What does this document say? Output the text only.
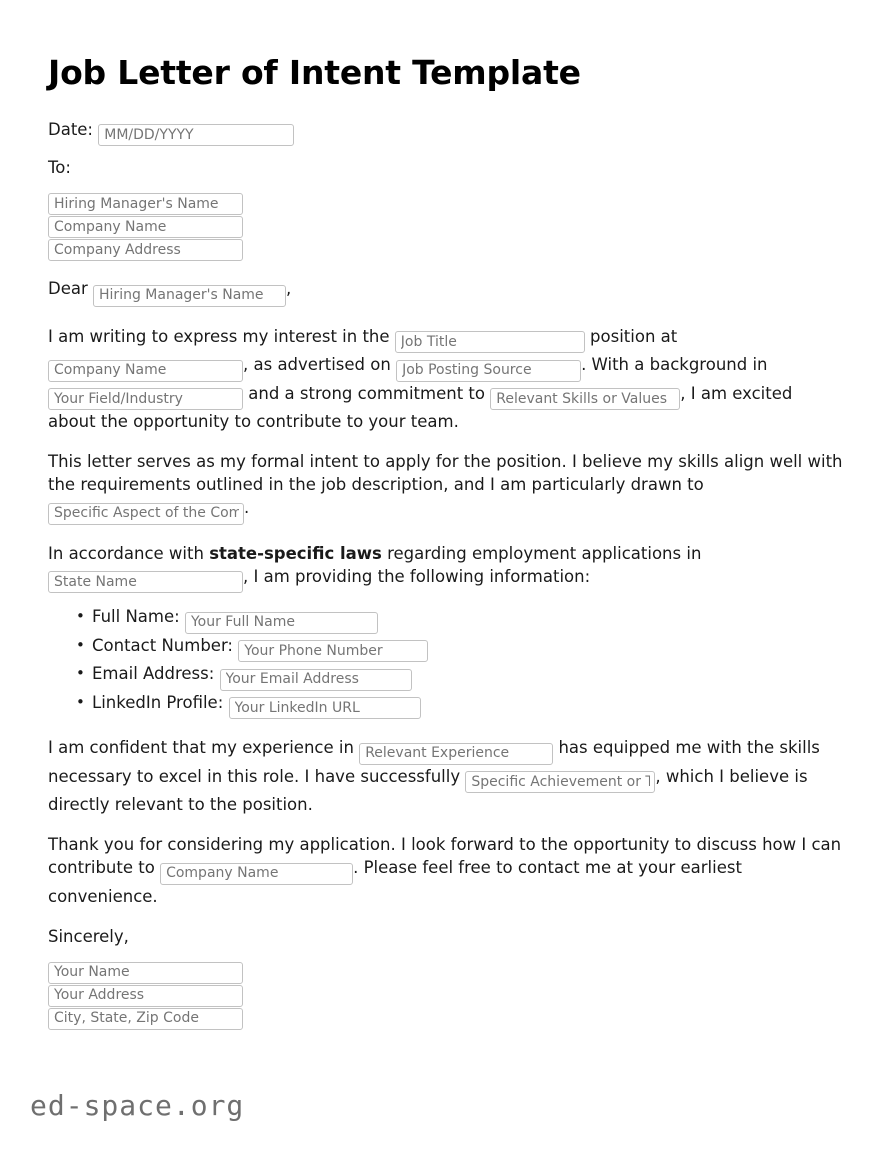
Job Letter of Intent Template

Date: MM/DD/YYYY

To:

Hiring Manager's Name
Company Name
Company Address

Dear Hiring Manager's Name	,

I am writing to express my interest in the Job Title	position at Company Name, as advertised on Job Posting Source	. With a background in Your Field/Industry and a strong commitment to Relevant Skills or Values	, I am excited about the opportunity to contribute to your team.

This letter serves as my formal intent to apply for the position. I believe my skills align well with the requirements outlined in the job description, and I am particularly drawn to Specific Aspect of the Company.

In accordance with state-specific laws regarding employment applications in State Name, I am providing the following information:

• Full Name: Your Full Name
• Contact Number: Your Phone Number
• Email Address: Your Email Address
• LinkedIn Profile: Your LinkedIn URL

I am confident that my experience in Relevant Experience	has equipped me with the skills necessary to excel in this role. I have successfully Specific Achievement or Task	, which I believe is directly relevant to the position.

Thank you for considering my application. I look forward to the opportunity to discuss how I can contribute to Company Name	. Please feel free to contact me at your earliest convenience.

Sincerely,

Your Name
Your Address
City, State, Zip Code
ed-space.org
